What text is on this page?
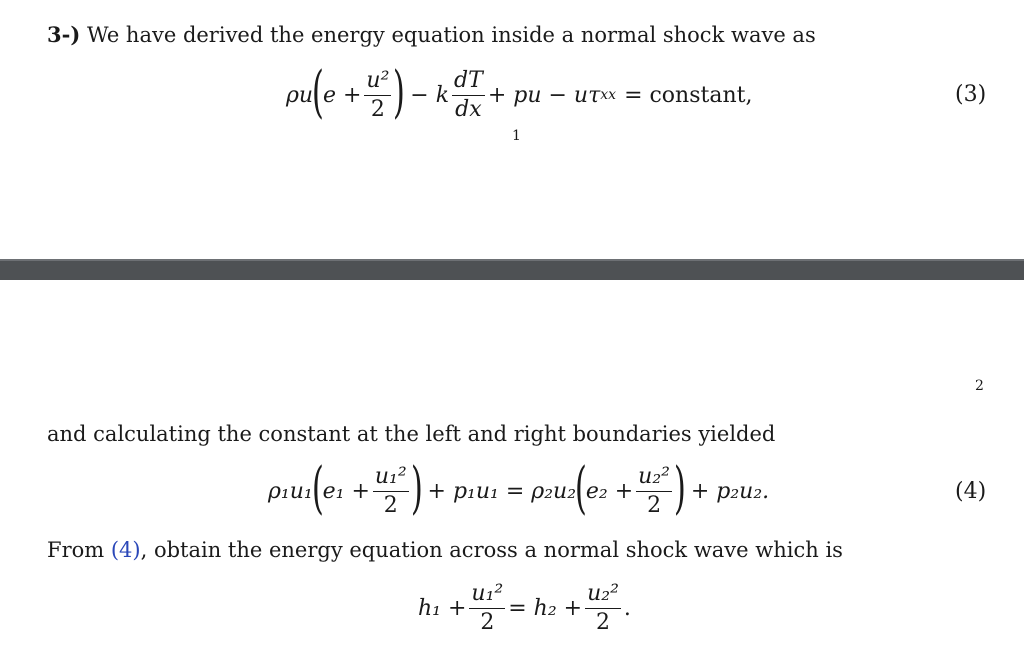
3-) We have derived the energy equation inside a normal shock wave as
ρu
(
$e + \frac{\text{u²}}{2}$ ) − k $\frac{dT}{dx}$ + pu − uτ xx = constant,	(3)
1
2
and calculating the constant at the left and right boundaries yielded
ρ₁u₁
(
$e_1 + \frac{\text{u₁²}}{2}$ ) + p₁u₁ = ρ₂u₂
(
$e_2 + \frac{\text{u₂²}}{2}$ ) + p₂u₂.	(4)
From (4), obtain the energy equation across a normal shock wave which is
$h_1 + \frac{\text{u₁²}}{2} = h_2 + \frac{\text{u₂²}}{2}$ .
